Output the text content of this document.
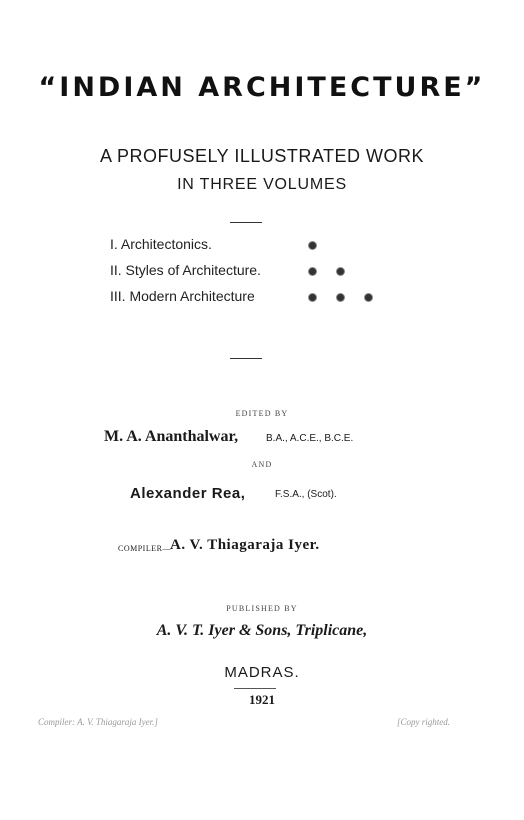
“INDIAN ARCHITECTURE”
A PROFUSELY ILLUSTRATED WORK
IN THREE VOLUMES
I. Architectonics.
II. Styles of Architecture.
III. Modern Architecture
EDITED BY
M. A. Ananthalwar,	B.A., A.C.E., B.C.E.
AND
Alexander Rea,	F.S.A., (Scot).
COMPILER— A. V. Thiagaraja Iyer.
PUBLISHED BY
A. V. T. Iyer & Sons, Triplicane,
MADRAS.
1921
Compiler: A. V. Thiagaraja Iyer.]	[Copy righted.
